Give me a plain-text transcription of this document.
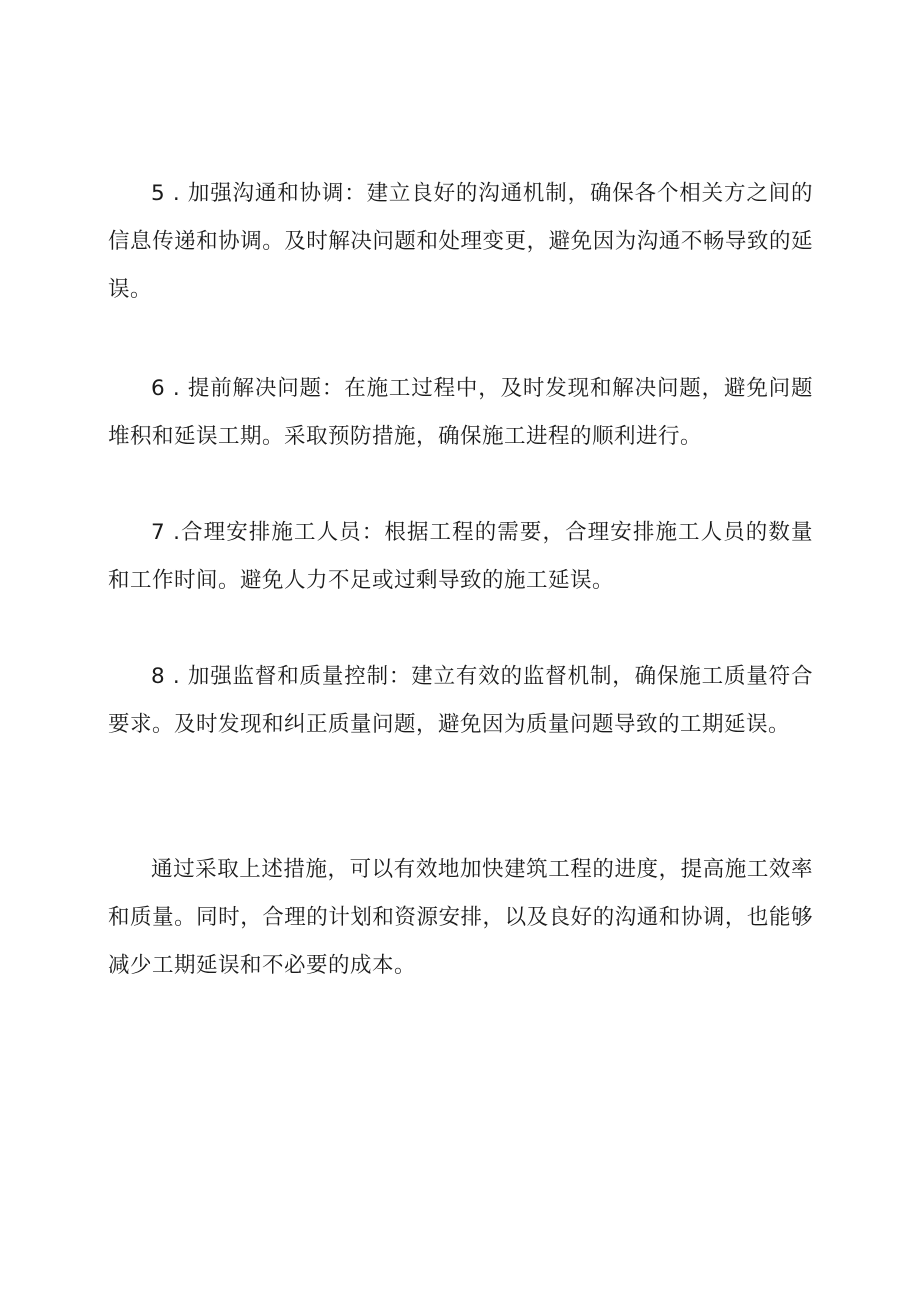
5 . 加强沟通和协调：建立良好的沟通机制，确保各个相关方之间的信息传递和协调。及时解决问题和处理变更，避免因为沟通不畅导致的延误。

6 . 提前解决问题：在施工过程中，及时发现和解决问题，避免问题堆积和延误工期。采取预防措施，确保施工进程的顺利进行。

7 .合理安排施工人员：根据工程的需要，合理安排施工人员的数量和工作时间。避免人力不足或过剩导致的施工延误。

8 . 加强监督和质量控制：建立有效的监督机制，确保施工质量符合要求。及时发现和纠正质量问题，避免因为质量问题导致的工期延误。

通过采取上述措施，可以有效地加快建筑工程的进度，提高施工效率和质量。同时，合理的计划和资源安排，以及良好的沟通和协调，也能够减少工期延误和不必要的成本。
